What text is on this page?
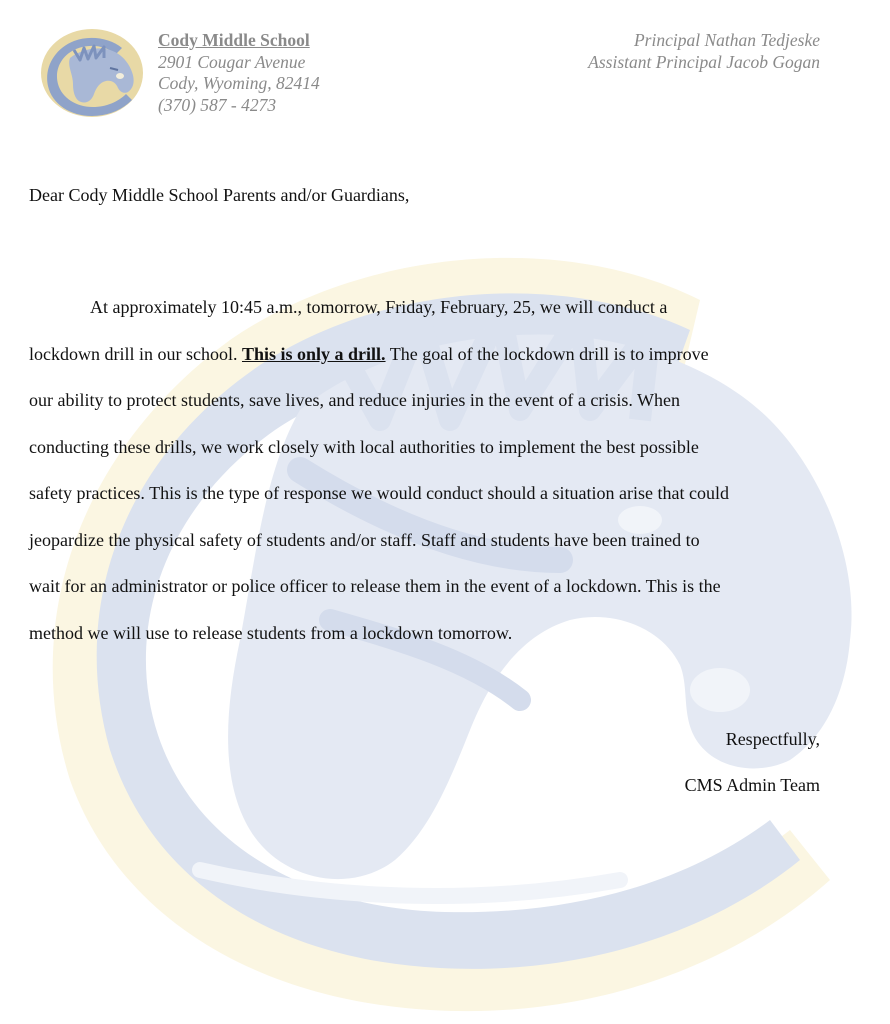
Cody Middle School
2901 Cougar Avenue
Cody, Wyoming, 82414
(370) 587 - 4273
Principal Nathan Tedjeske
Assistant Principal Jacob Gogan
Dear Cody Middle School Parents and/or Guardians,

At approximately 10:45 a.m., tomorrow, Friday, February, 25, we will conduct a
lockdown drill in our school. This is only a drill. The goal of the lockdown drill is to improve
our ability to protect students, save lives, and reduce injuries in the event of a crisis. When
conducting these drills, we work closely with local authorities to implement the best possible
safety practices. This is the type of response we would conduct should a situation arise that could
jeopardize the physical safety of students and/or staff. Staff and students have been trained to
wait for an administrator or police officer to release them in the event of a lockdown. This is the
method we will use to release students from a lockdown tomorrow.

Respectfully,
CMS Admin Team
